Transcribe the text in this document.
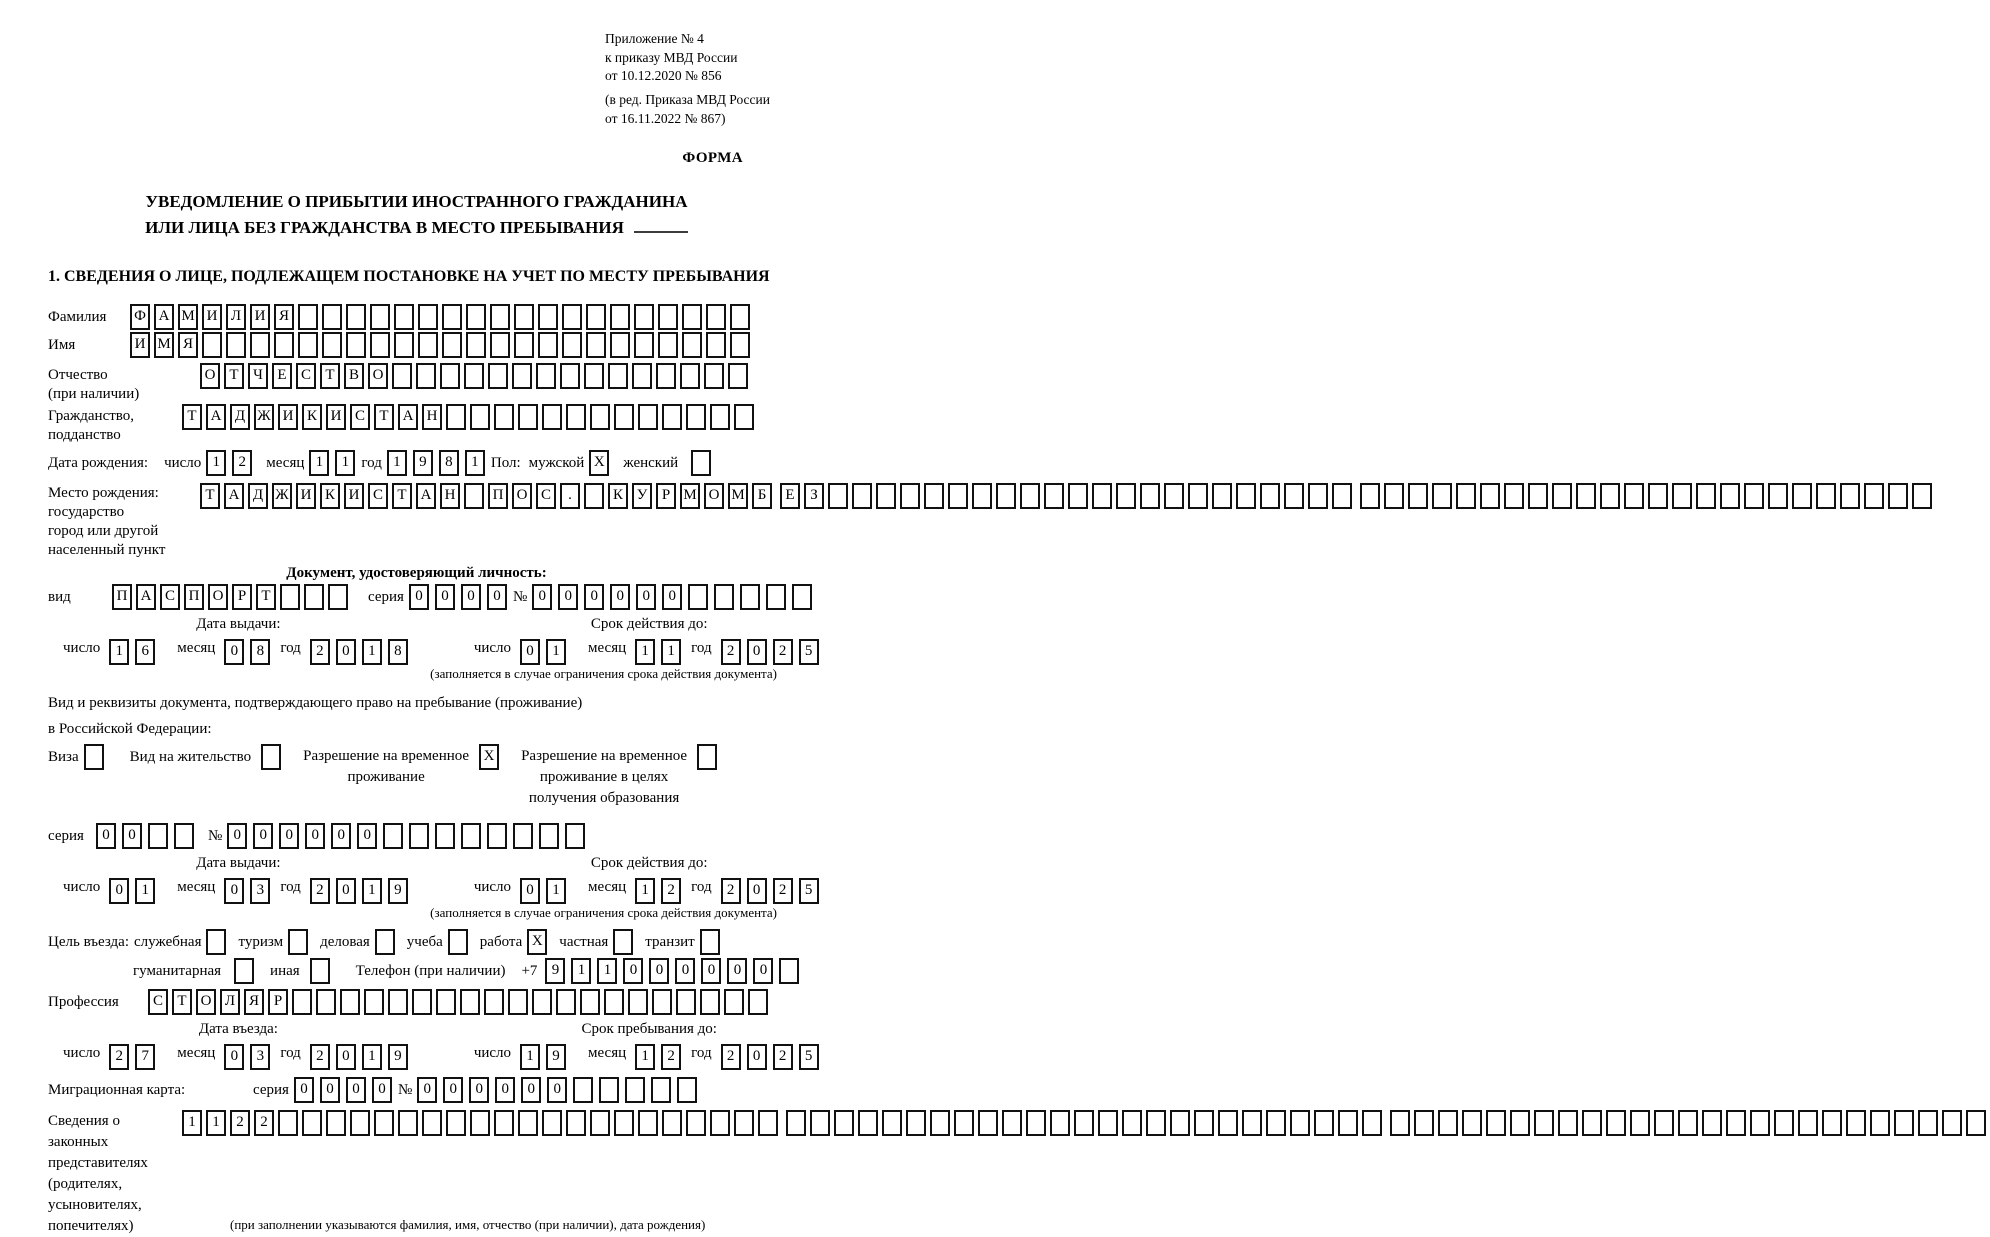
Приложение № 4
к приказу МВД России
от 10.12.2020 № 856
(в ред. Приказа МВД России
от 16.11.2022 № 867)
ФОРМА
УВЕДОМЛЕНИЕ О ПРИБЫТИИ ИНОСТРАННОГО ГРАЖДАНИНА
ИЛИ ЛИЦА БЕЗ ГРАЖДАНСТВА В МЕСТО ПРЕБЫВАНИЯ
1. СВЕДЕНИЯ О ЛИЦЕ, ПОДЛЕЖАЩЕМ ПОСТАНОВКЕ НА УЧЕТ ПО МЕСТУ ПРЕБЫВАНИЯ
Фамилия	Ф А М И Л И Я
Имя	И М Я
Отчество
(при наличии)
О Т Ч Е С Т В О
Гражданство,
подданство
Т А Д Ж И К И С Т А Н
Дата рождения: число 1 2	месяц 1 1 год 1 9 8 1 Пол: мужской X	женский
Место рождения:
государство
город или другой
населенный пункт
Т А Д Ж И К И С Т А Н П О С .	К У Р М О М Б Е З
Документ, удостоверяющий личность:
вид	П А С П О Р Т	серия 0 0 0 0 № 0 0 0 0 0 0
Дата выдачи:
число 1 6 месяц 0 8 год 2 0 1 8
Срок действия до:
число 0 1 месяц 1 1 год 2 0 2 5
(заполняется в случае ограничения срока действия документа)
Вид и реквизиты документа, подтверждающего право на пребывание (проживание)
в Российской Федерации:
Виза	Вид на жительство	Разрешение на временное
проживание
X	Разрешение на временное
проживание в целях
получения образования
серия	0 0	№ 0 0 0 0 0 0
Дата выдачи:
число 0 1 месяц 0 3 год 2 0 1 9
Срок действия до:
число 0 1 месяц 1 2 год 2 0 2 5
(заполняется в случае ограничения срока действия документа)
Цель въезда: служебная туризм деловая учеба работа X	частная транзит
гуманитарная	иная	Телефон (при наличии) +7 9 1 1 0 0 0 0 0 0
Профессия	С Т О Л Я Р
Дата въезда:
число 2 7 месяц 0 3 год 2 0 1 9
Срок пребывания до:
число 1 9 месяц 1 2 год 2 0 2 5
Миграционная карта:	серия 0 0 0 0 № 0 0 0 0 0 0
Сведения о
законных
представителях
(родителях,
усыновителях,
попечителях)
1 1 2 2
(при заполнении указываются фамилия, имя, отчество (при наличии), дата рождения)
